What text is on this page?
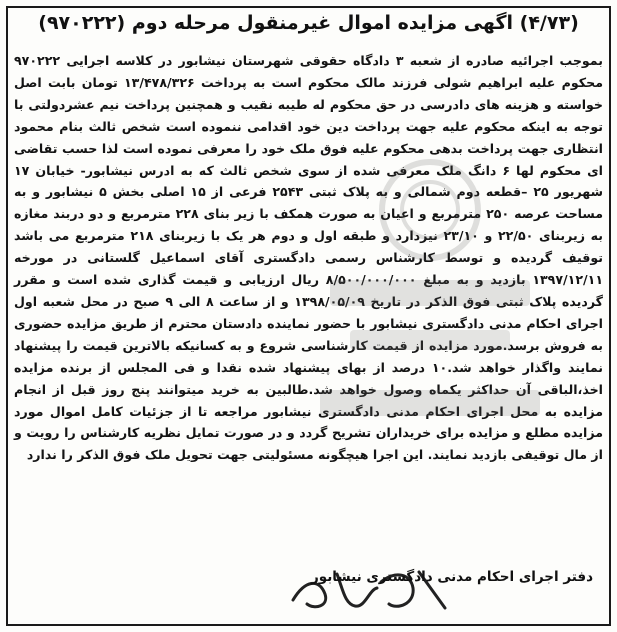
(۴/۷۳) اگهی مزایده اموال غیرمنقول مرحله دوم (۹۷۰۲۲۲)
بموجب اجرائیه صادره از شعبه ۳ دادگاه حقوقی شهرستان نیشابور در کلاسه اجرایی ۹۷۰۲۲۲ محکوم علیه ابراهیم شولی فرزند مالک محکوم است به پرداخت ۱۳/۴۷۸/۳۲۶ تومان بابت اصل خواسته و هزینه های دادرسی در حق محکوم له طیبه نقیب و همچنین پرداخت نیم عشردولتی با توجه به اینکه محکوم علیه جهت پرداخت دین خود اقدامی ننموده است شخص ثالث بنام محمود انتظاری جهت پرداخت بدهی محکوم علیه فوق ملک خود را معرفی نموده است لذا حسب تقاضی ای محکوم لها ۶ دانگ ملک معرفی شده از سوی شخص ثالث که به ادرس نیشابور- خیابان ۱۷ شهریور ۲۵ –قطعه دوم شمالی و به پلاک ثبتی ۲۵۴۳ فرعی از ۱۵ اصلی بخش ۵ نیشابور و به مساحت عرصه ۲۵۰ مترمربع و اعیان به صورت همکف با زیر بنای ۲۲۸ مترمربع و دو دربند مغازه به زیربنای ۲۲/۵۰ و ۲۳/۱۰ نیزدارد و طبقه اول و دوم هر یک با زیربنای ۲۱۸ مترمربع می باشد توقیف گردیده و توسط کارشناس رسمی دادگستری آقای اسماعیل گلستانی در مورخه ۱۳۹۷/۱۲/۱۱ بازدید و به مبلغ ۸/۵۰۰/۰۰۰/۰۰۰ ریال ارزیابی و قیمت گذاری شده است و مقرر گردیده پلاک ثبتی فوق الذکر در تاریخ ۱۳۹۸/۰۵/۰۹ و از ساعت ۸ الی ۹ صبح در محل شعبه اول اجرای احکام مدنی دادگستری نیشابور با حضور نماینده دادستان محترم از طریق مزایده حضوری به فروش برسد.مورد مزایده از قیمت کارشناسی شروع و به کسانیکه بالاترین قیمت را پیشنهاد نمایند واگذار خواهد شد.۱۰ درصد از بهای پیشنهاد شده نقدا و فی المجلس از برنده مزایده اخذ،الباقی آن حداکثر یکماه وصول خواهد شد.طالبین به خرید میتوانند پنج روز قبل از انجام مزایده به محل اجرای احکام مدنی دادگستری نیشابور مراجعه تا از جزئیات کامل اموال مورد مزایده مطلع و مزایده برای خریداران تشریح گردد و در صورت تمایل نظریه کارشناس را رویت و از مال توقیفی بازدید نمایند. این اجرا هیچگونه مسئولیتی جهت تحویل ملک فوق الذکر را ندارد
دفتر اجرای احکام مدنی دادگستری نیشابور
